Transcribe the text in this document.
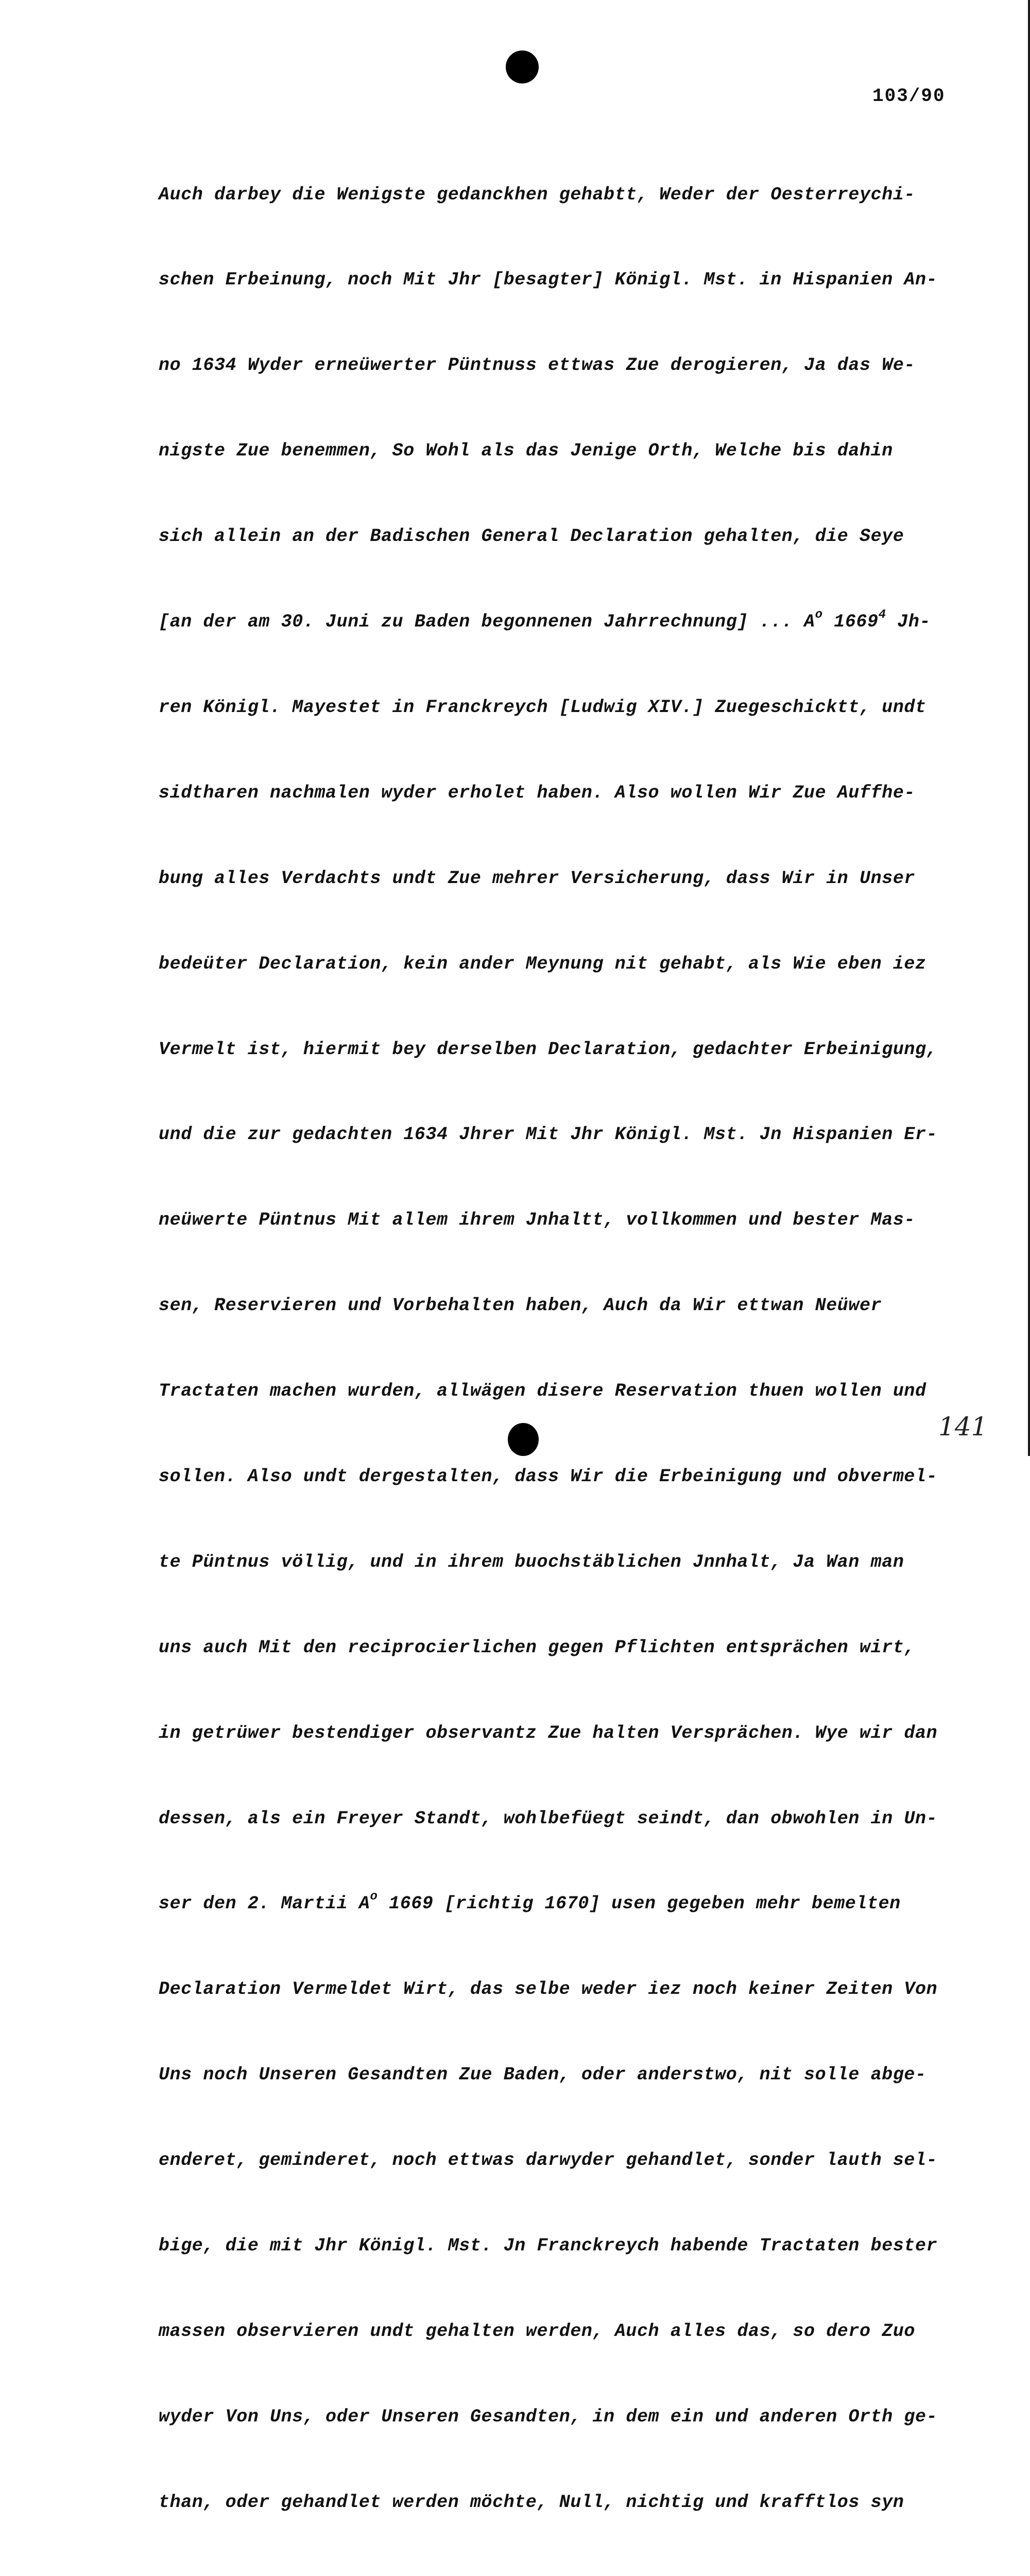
103/90

Auch darbey die Wenigste gedanckhen gehabtt, Weder der Oesterreychi-

schen Erbeinung, noch Mit Jhr [besagter] Königl. Mst. in Hispanien An-

no 1634 Wyder erneüwerter Püntnuss ettwas Zue derogieren, Ja das We-

nigste Zue benemmen, So Wohl als das Jenige Orth, Welche bis dahin

sich allein an der Badischen General Declaration gehalten, die Seye

[an der am 30. Juni zu Baden begonnenen Jahrrechnung] ... $A^o$ 1669$^4$ Jh-

ren Königl. Mayestet in Franckreych [Ludwig XIV.] Zuegeschicktt, undt

sidtharen nachmalen wyder erholet haben. Also wollen Wir Zue Auffhe-

bung alles Verdachts undt Zue mehrer Versicherung, dass Wir in Unser

bedeüter Declaration, kein ander Meynung nit gehabt, als Wie eben iez

Vermelt ist, hiermit bey derselben Declaration, gedachter Erbeinigung,

und die zur gedachten 1634 Jhrer Mit Jhr Königl. Mst. Jn Hispanien Er-

neüwerte Püntnus Mit allem ihrem Jnhaltt, vollkommen und bester Mas-

sen, Reservieren und Vorbehalten haben, Auch da Wir ettwan Neüwer

Tractaten machen wurden, allwägen disere Reservation thuen wollen und

sollen. Also undt dergestalten, dass Wir die Erbeinigung und obvermel-

te Püntnus völlig, und in ihrem buochstäblichen Jnnhalt, Ja Wan man

uns auch Mit den reciprocierlichen gegen Pflichten entsprächen wirt,

in getrüwer bestendiger observantz Zue halten Versprächen. Wye wir dan

dessen, als ein Freyer Standt, wohlbefüegt seindt, dan obwohlen in Un-

ser den 2. Martii $A^o$ 1669 [richtig 1670] usen gegeben mehr bemelten

Declaration Vermeldet Wirt, das selbe weder iez noch keiner Zeiten Von

Uns noch Unseren Gesandten Zue Baden, oder anderstwo, nit solle abge-

enderet, geminderet, noch ettwas darwyder gehandlet, sonder lauth sel-

bige, die mit Jhr Königl. Mst. Jn Franckreych habende Tractaten bester

massen observieren undt gehalten werden, Auch alles das, so dero Zuo

wyder Von Uns, oder Unseren Gesandten, in dem ein und anderen Orth ge-

than, oder gehandlet werden möchte, Null, nichtig und krafftlos syn

141
